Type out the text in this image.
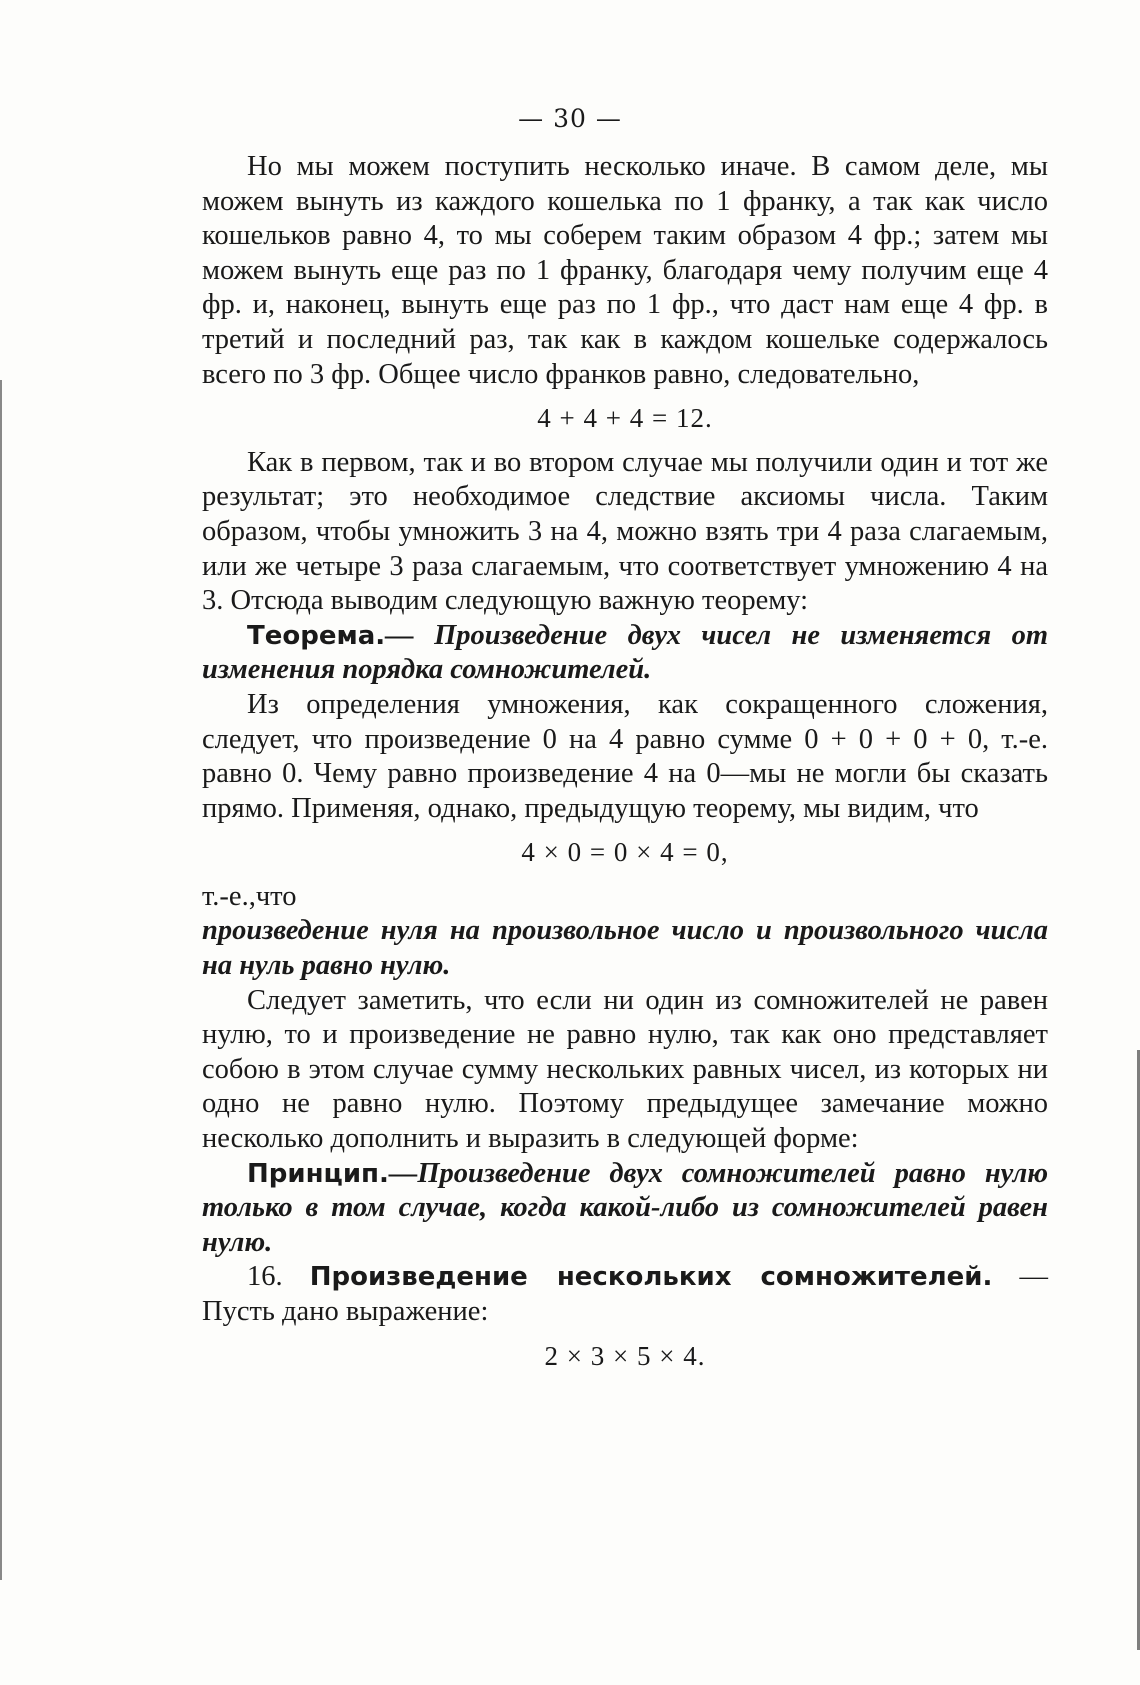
— 30 —

Но мы можем поступить несколько иначе. В самом деле, мы можем вынуть из каждого кошелька по 1 франку, а так как число кошельков равно 4, то мы соберем таким образом 4 фр.; затем мы можем вынуть еще раз по 1 франку, благодаря чему получим еще 4 фр. и, наконец, вынуть еще раз по 1 фр., что даст нам еще 4 фр. в третий и последний раз, так как в каждом кошельке содержалось всего по 3 фр. Общее число франков равно, следовательно,

4 + 4 + 4 = 12.

Как в первом, так и во втором случае мы получили один и тот же результат; это необходимое следствие аксиомы числа. Таким образом, чтобы умножить 3 на 4, можно взять три 4 раза слагаемым, или же четыре 3 раза слагаемым, что соответствует умножению 4 на 3. Отсюда выводим следующую важную теорему:

Теорема.— Произведение двух чисел не изменяется от изменения порядка сомножителей.

Из определения умножения, как сокращенного сложения, следует, что произведение 0 на 4 равно сумме 0 + 0 + 0 + 0, т.-е. равно 0. Чему равно произведение 4 на 0—мы не могли бы сказать прямо. Применяя, однако, предыдущую теорему, мы видим, что

4 × 0 = 0 × 4 = 0,

т.-е.,что

произведение нуля на произвольное число и произвольного числа на нуль равно нулю.

Следует заметить, что если ни один из сомножителей не равен нулю, то и произведение не равно нулю, так как оно представляет собою в этом случае сумму нескольких равных чисел, из которых ни одно не равно нулю. Поэтому предыдущее замечание можно несколько дополнить и выразить в следующей форме:

Принцип.—Произведение двух сомножителей равно нулю только в том случае, когда какой-либо из сомножителей равен нулю.

16. Произведение нескольких сомножителей. — Пусть дано выражение:

2 × 3 × 5 × 4.
